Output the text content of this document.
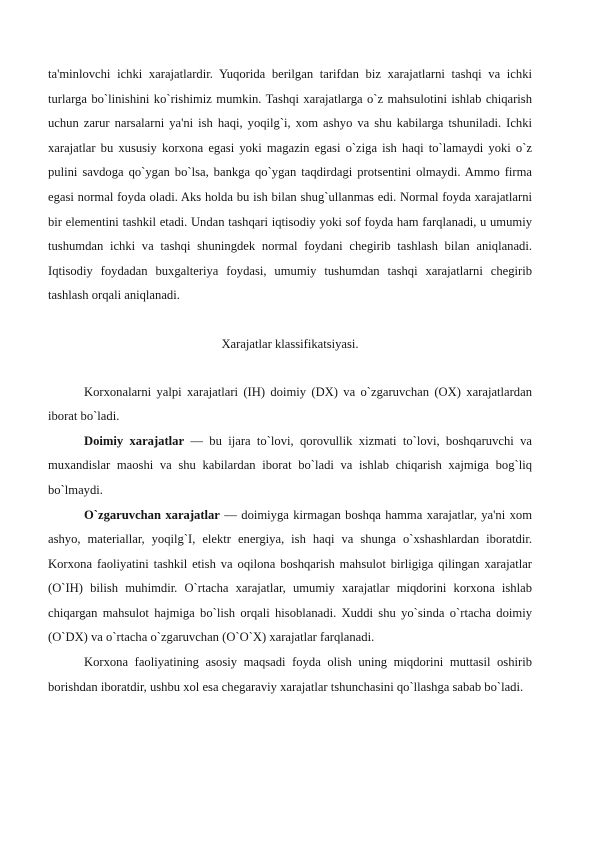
ta'minlovchi ichki xarajatlardir. Yuqorida berilgan tarifdan biz xarajatlarni tashqi va ichki turlarga bo`linishini ko`rishimiz mumkin. Tashqi xarajatlarga o`z mahsulotini ishlab chiqarish uchun zarur narsalarni ya'ni ish haqi, yoqilg`i, xom ashyo va shu kabilarga tshuniladi. Ichki xarajatlar bu xususiy korxona egasi yoki magazin egasi o`ziga ish haqi to`lamaydi yoki o`z pulini savdoga qo`ygan bo`lsa, bankga qo`ygan taqdirdagi protsentini olmaydi. Ammo firma egasi normal foyda oladi. Aks holda bu ish bilan shug`ullanmas edi. Normal foyda xarajatlarni bir elementini tashkil etadi. Undan tashqari iqtisodiy yoki sof foyda ham farqlanadi, u umumiy tushumdan ichki va tashqi shuningdek normal foydani chegirib tashlash bilan aniqlanadi. Iqtisodiy foydadan buxgalteriya foydasi, umumiy tushumdan tashqi xarajatlarni chegirib tashlash orqali aniqlanadi.

Xarajatlar klassifikatsiyasi.

Korxonalarni yalpi xarajatlari (IH) doimiy (DX) va o`zgaruvchan (OX) xarajatlardan iborat bo`ladi.

Doimiy xarajatlar — bu ijara to`lovi, qorovullik xizmati to`lovi, boshqaruvchi va muxandislar maoshi va shu kabilardan iborat bo`ladi va ishlab chiqarish xajmiga bog`liq bo`lmaydi.

O`zgaruvchan xarajatlar — doimiyga kirmagan boshqa hamma xarajatlar, ya'ni xom ashyo, materiallar, yoqilg`I, elektr energiya, ish haqi va shunga o`xshashlardan iboratdir. Korxona faoliyatini tashkil etish va oqilona boshqarish mahsulot birligiga qilingan xarajatlar (O`IH) bilish muhimdir. O`rtacha xarajatlar, umumiy xarajatlar miqdorini korxona ishlab chiqargan mahsulot hajmiga bo`lish orqali hisoblanadi. Xuddi shu yo`sinda o`rtacha doimiy (O`DX) va o`rtacha o`zgaruvchan (O`O`X) xarajatlar farqlanadi.

Korxona faoliyatining asosiy maqsadi foyda olish uning miqdorini muttasil oshirib borishdan iboratdir, ushbu xol esa chegaraviy xarajatlar tshunchasini qo`llashga sabab bo`ladi.
